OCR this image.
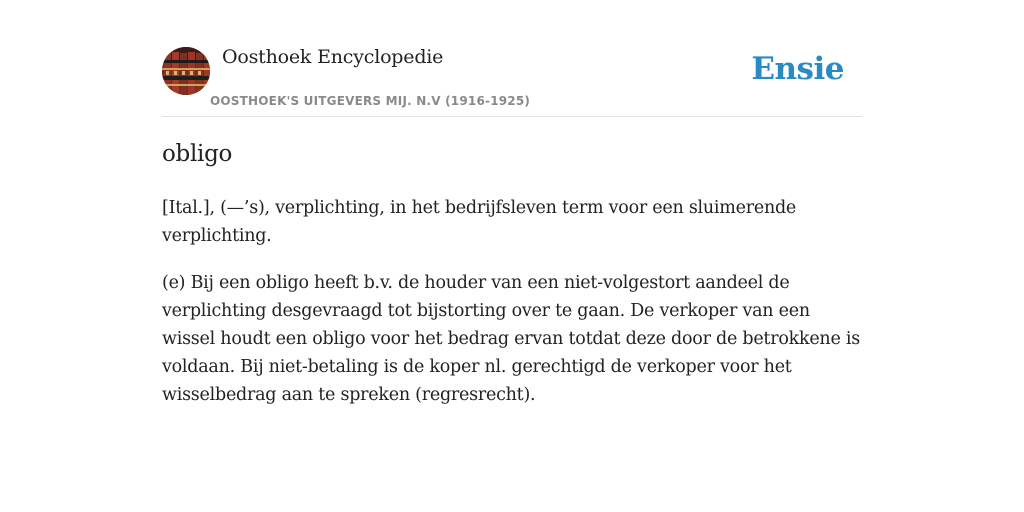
Oosthoek Encyclopedie
OOSTHOEK'S UITGEVERS MIJ. N.V (1916-1925)
Ensie
obligo

[Ital.], (—’s), verplichting, in het bedrijfsleven term voor een sluimerende verplichting.

(e) Bij een obligo heeft b.v. de houder van een niet-volgestort aandeel de verplichting desgevraagd tot bijstorting over te gaan. De verkoper van een wissel houdt een obligo voor het bedrag ervan totdat deze door de betrokkene is voldaan. Bij niet-betaling is de koper nl. gerechtigd de verkoper voor het wisselbedrag aan te spreken (regresrecht).
